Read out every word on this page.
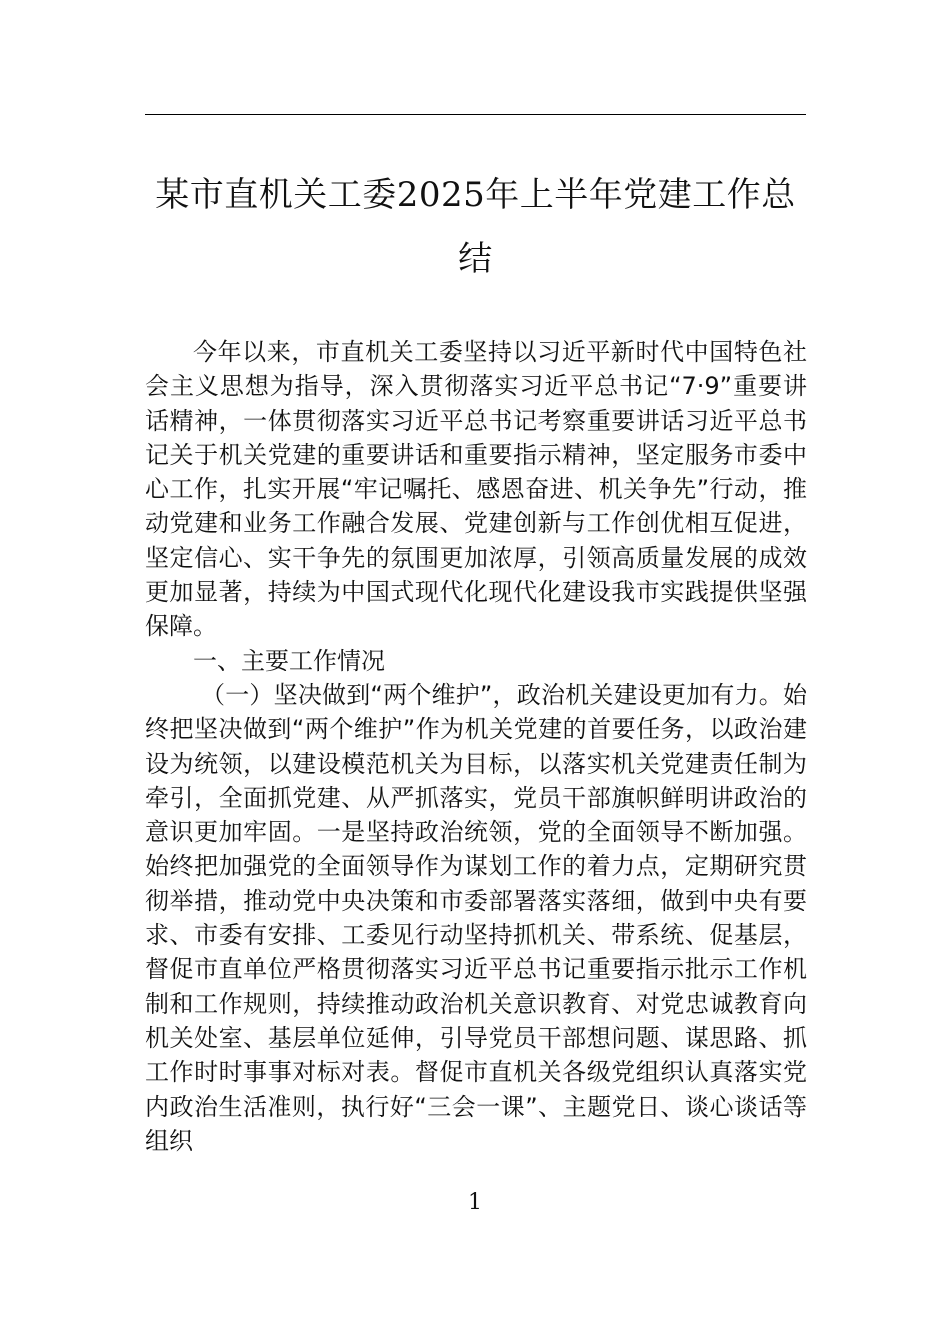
某市直机关工委2025年上半年党建工作总结

今年以来，市直机关工委坚持以习近平新时代中国特色社会主义思想为指导，深入贯彻落实习近平总书记“7·9”重要讲话精神，一体贯彻落实习近平总书记考察重要讲话习近平总书记关于机关党建的重要讲话和重要指示精神，坚定服务市委中心工作，扎实开展“牢记嘱托、感恩奋进、机关争先”行动，推动党建和业务工作融合发展、党建创新与工作创优相互促进，坚定信心、实干争先的氛围更加浓厚，引领高质量发展的成效更加显著，持续为中国式现代化现代化建设我市实践提供坚强保障。

一、主要工作情况

（一）坚决做到“两个维护”，政治机关建设更加有力。始终把坚决做到“两个维护”作为机关党建的首要任务，以政治建设为统领，以建设模范机关为目标，以落实机关党建责任制为牵引，全面抓党建、从严抓落实，党员干部旗帜鲜明讲政治的意识更加牢固。一是坚持政治统领，党的全面领导不断加强。始终把加强党的全面领导作为谋划工作的着力点，定期研究贯彻举措，推动党中央决策和市委部署落实落细，做到中央有要求、市委有安排、工委见行动坚持抓机关、带系统、促基层，督促市直单位严格贯彻落实习近平总书记重要指示批示工作机制和工作规则，持续推动政治机关意识教育、对党忠诚教育向机关处室、基层单位延伸，引导党员干部想问题、谋思路、抓工作时时事事对标对表。督促市直机关各级党组织认真落实党内政治生活准则，执行好“三会一课”、主题党日、谈心谈话等组织

1
